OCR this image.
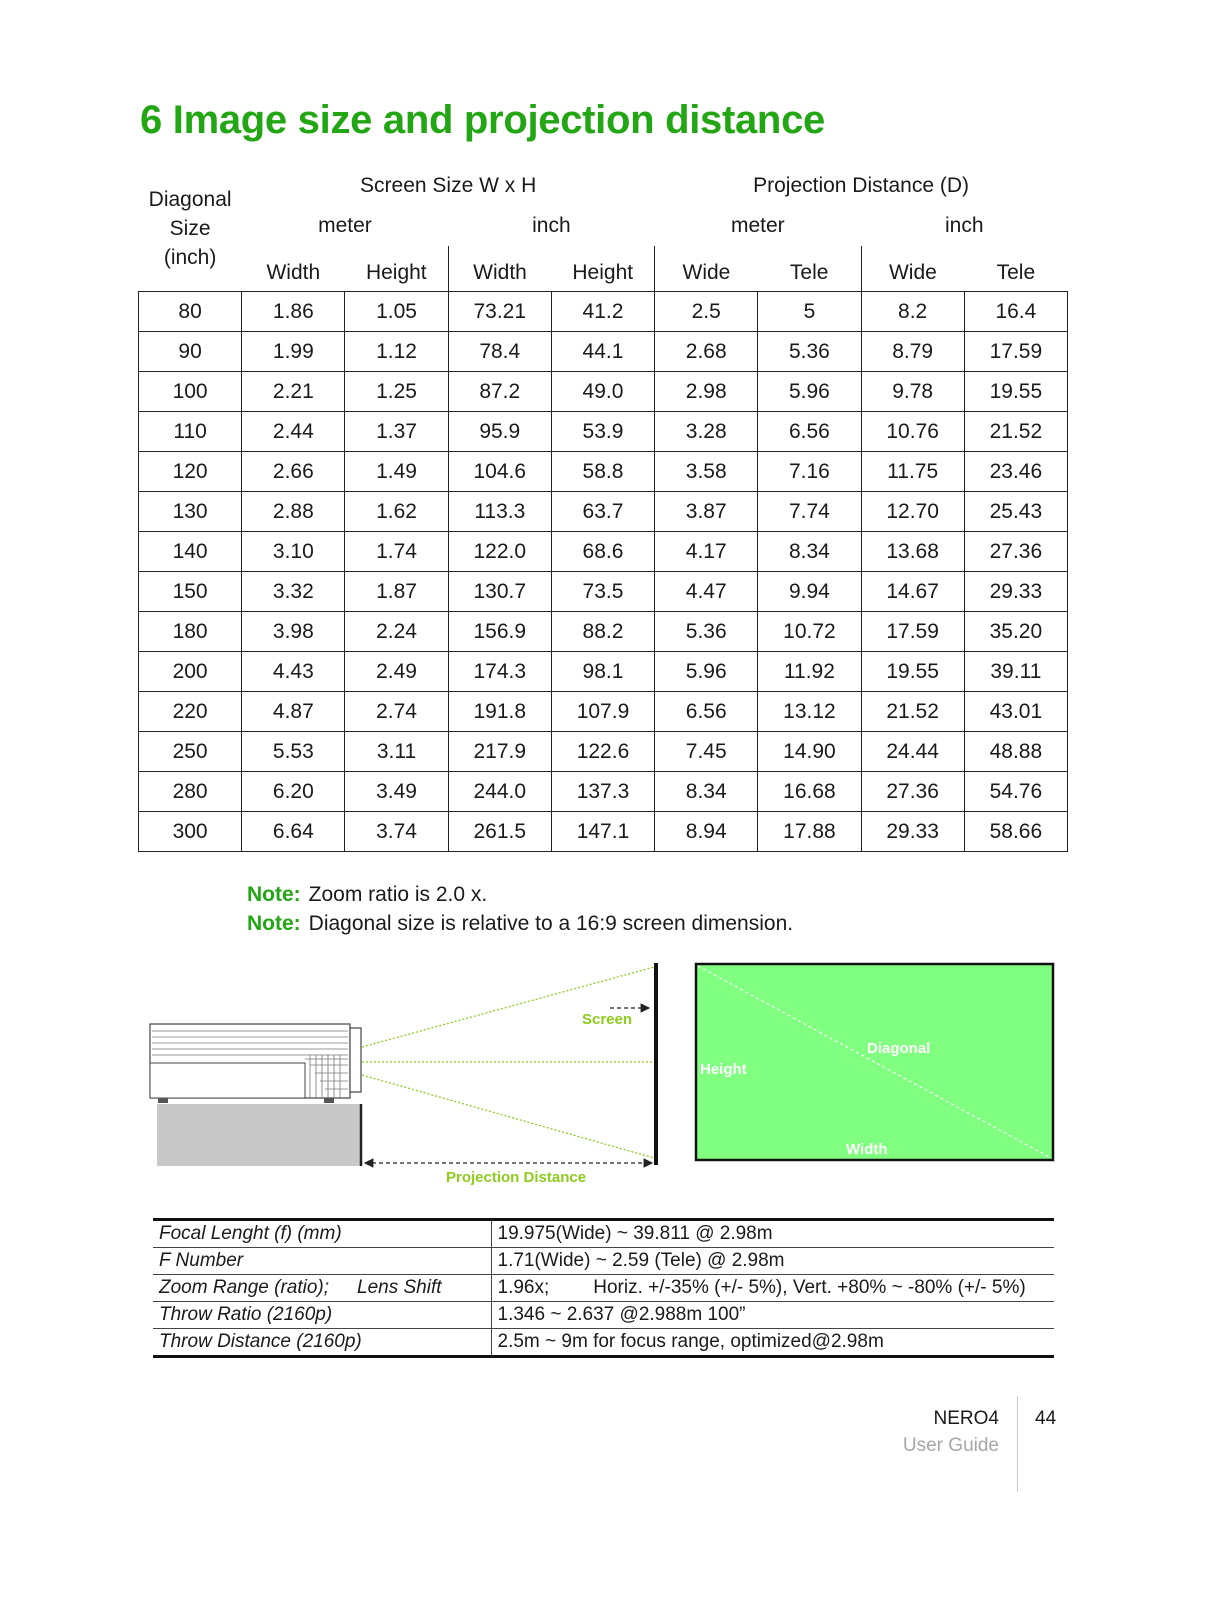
6 Image size and projection distance
Diagonal
Size
(inch)	Screen Size W x H				Projection Distance (D)			
	meter		inch		meter		inch	
	Width	Height	Width	Height	Wide	Tele	Wide	Tele
80	1.86	1.05	73.21	41.2	2.5	5	8.2	16.4
90	1.99	1.12	78.4	44.1	2.68	5.36	8.79	17.59
100	2.21	1.25	87.2	49.0	2.98	5.96	9.78	19.55
110	2.44	1.37	95.9	53.9	3.28	6.56	10.76	21.52
120	2.66	1.49	104.6	58.8	3.58	7.16	11.75	23.46
130	2.88	1.62	113.3	63.7	3.87	7.74	12.70	25.43
140	3.10	1.74	122.0	68.6	4.17	8.34	13.68	27.36
150	3.32	1.87	130.7	73.5	4.47	9.94	14.67	29.33
180	3.98	2.24	156.9	88.2	5.36	10.72	17.59	35.20
200	4.43	2.49	174.3	98.1	5.96	11.92	19.55	39.11
220	4.87	2.74	191.8	107.9	6.56	13.12	21.52	43.01
250	5.53	3.11	217.9	122.6	7.45	14.90	24.44	48.88
280	6.20	3.49	244.0	137.3	8.34	16.68	27.36	54.76
300	6.64	3.74	261.5	147.1	8.94	17.88	29.33	58.66
Note: Zoom ratio is 2.0 x.
Note: Diagonal size is relative to a 16:9 screen dimension.
Screen
Projection Distance
Diagonal
Height
Width
Focal Lenght (f) (mm)	19.975(Wide) ~ 39.811 @ 2.98m
F Number	1.71(Wide) ~ 2.59 (Tele) @ 2.98m
Zoom Range (ratio); Lens Shift	1.96x; Horiz. +/-35% (+/- 5%), Vert. +80% ~ -80% (+/- 5%)
Throw Ratio (2160p)	1.346 ~ 2.637 @2.988m 100”
Throw Distance (2160p)	2.5m ~ 9m for focus range, optimized@2.98m
NERO4
User Guide
44
